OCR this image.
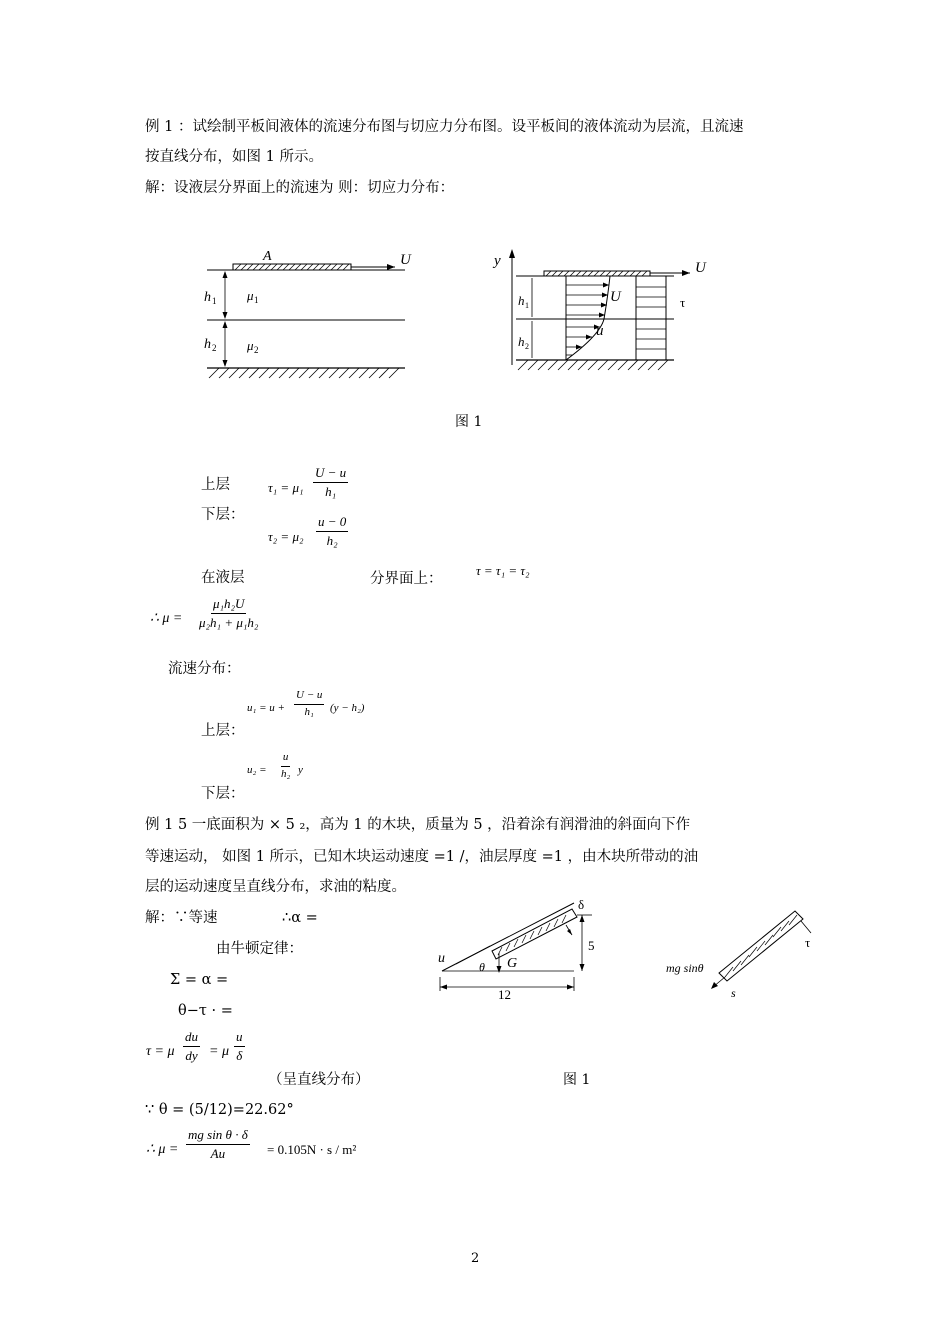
例 1 ：试绘制平板间液体的流速分布图与切应力分布图。设平板间的液体流动为层流，且流速
按直线分布，如图 1 所示。
解：设液层分界面上的流速为 则：切应力分布：
A	U
h 1
h 2
μ 1
μ 2
y	U
h 1
h 2
U
u
τ
图 1
上层	$\tau_1 = \mu_1 \frac{U - u}{\text{h₁}}$
下层：
$\tau_2 = \mu_2 \frac{u - 0}{\text{h₂}}$
在液层	分界面上：
τ = τ₁ = τ₂
∴ $\mu = \frac{\text{μ₁h₂U}}{\text{μ₂h₁ + μ₁h₂}}$
流速分布：
$u_1 = u + \frac{U - u}{\text{h₁}} (y - h_2)$
上层：
$u_2 = \frac{u}{\text{h₂}}$ y
下层：
例 1 5 一底面积为 × 5 ₂，高为 1 的木块，质量为 5 ，沿着涂有润滑油的斜面向下作
等速运动， 如图 1 所示，已知木块运动速度 =1 /，油层厚度 =1 ，由木块所带动的油
层的运动速度呈直线分布，求油的粘度。
解：∵等速	∴α =
由牛顿定律：
Σ = α =
θ−τ · =
τ = μ $\frac{du}{dy} = \mu \frac{u}{\delta}$
（呈直线分布）
∵ θ = (5/12)=22.62°
∴ $\mu = \frac{\text{mg sin θ · δ}}{Au} = 0.105N \cdot s / m^2$
δ
5
12
u
θ G	mg sinθ
τ
s
图 1
2
